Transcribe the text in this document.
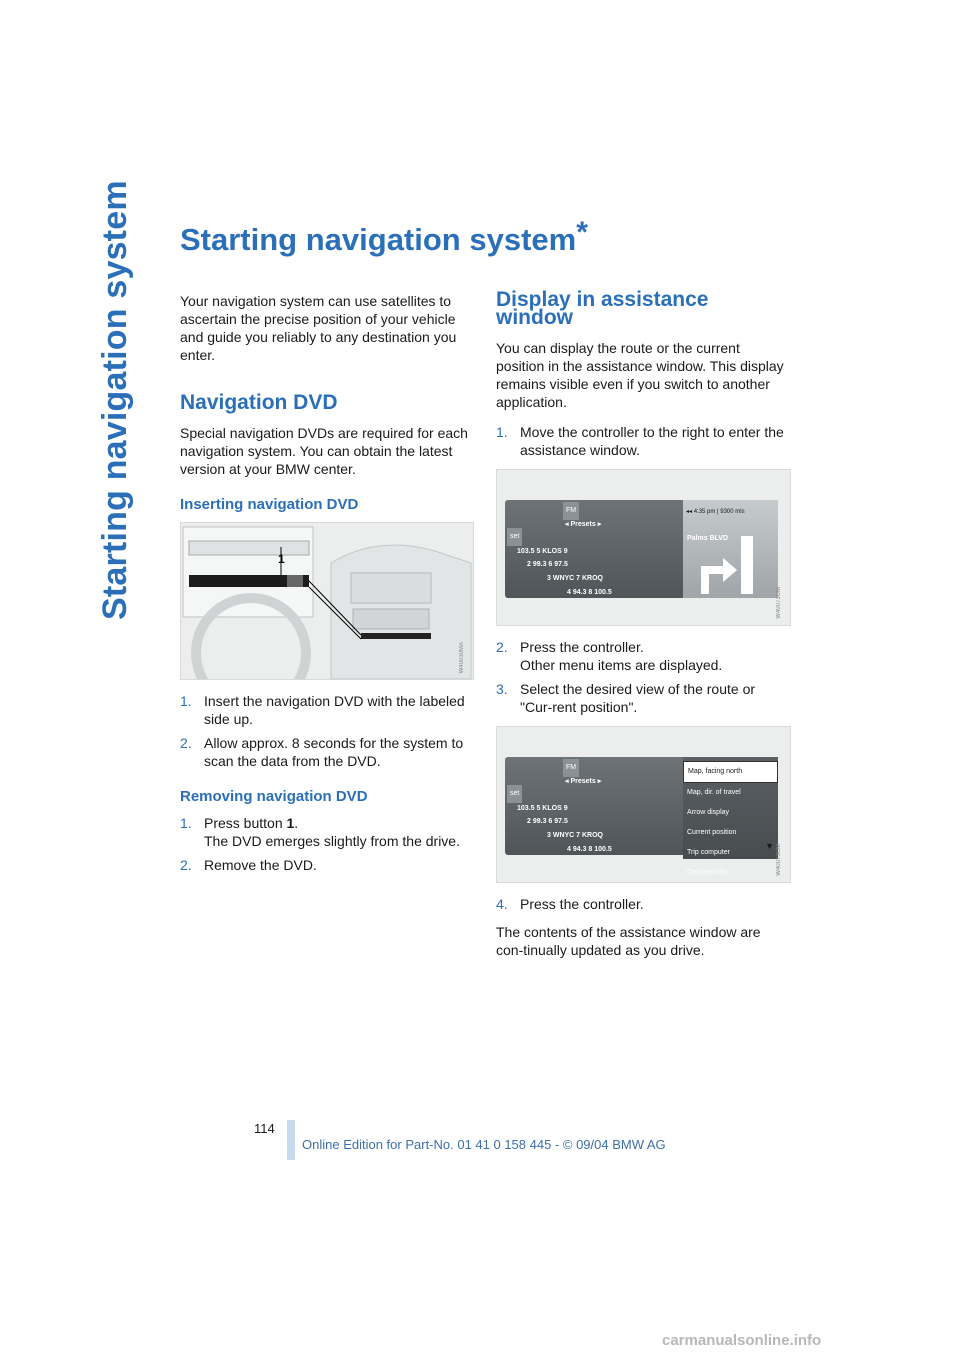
Starting navigation system Starting navigation system*

Your navigation system can use satellites to ascertain the precise position of your vehicle and guide you reliably to any destination you enter.

Navigation DVD

Special navigation DVDs are required for each navigation system. You can obtain the latest version at your BMW center.

Inserting navigation DVD
1
W40030MA
1. Insert the navigation DVD with the labeled side up.
2. Allow approx. 8 seconds for the system to scan the data from the DVD.
Removing navigation DVD
1. Press button 1.
The DVD emerges slightly from the drive.
2. Remove the DVD.
Display in assistance window

You can display the route or the current position in the assistance window. This display remains visible even if you switch to another application.

1. Move the controller to the right to enter the assistance window.
FM
◂ Presets ▸
set
103.5 5 KLOS 9
2 99.3 6 97.5
3 WNYC 7 KROQ
4 94.3 8 100.5
◂◂ 4:35 pm | 9300 mls
Palms BLVD
W40071CM
2. Press the controller.
Other menu items are displayed.
3. Select the desired view of the route or "Cur-rent position".
FM
◂ Presets ▸
set
103.5 5 KLOS 9
2 99.3 6 97.5
3 WNYC 7 KROQ
4 94.3 8 100.5
Map, facing north
Map, dir. of travel
Arrow display
Current position
Trip computer
Onboard info
▼ W40073CM
4. Press the controller.

The contents of the assistance window are con-tinually updated as you drive.

114
Online Edition for Part-No. 01 41 0 158 445 - © 09/04 BMW AG
carmanualsonline.info
